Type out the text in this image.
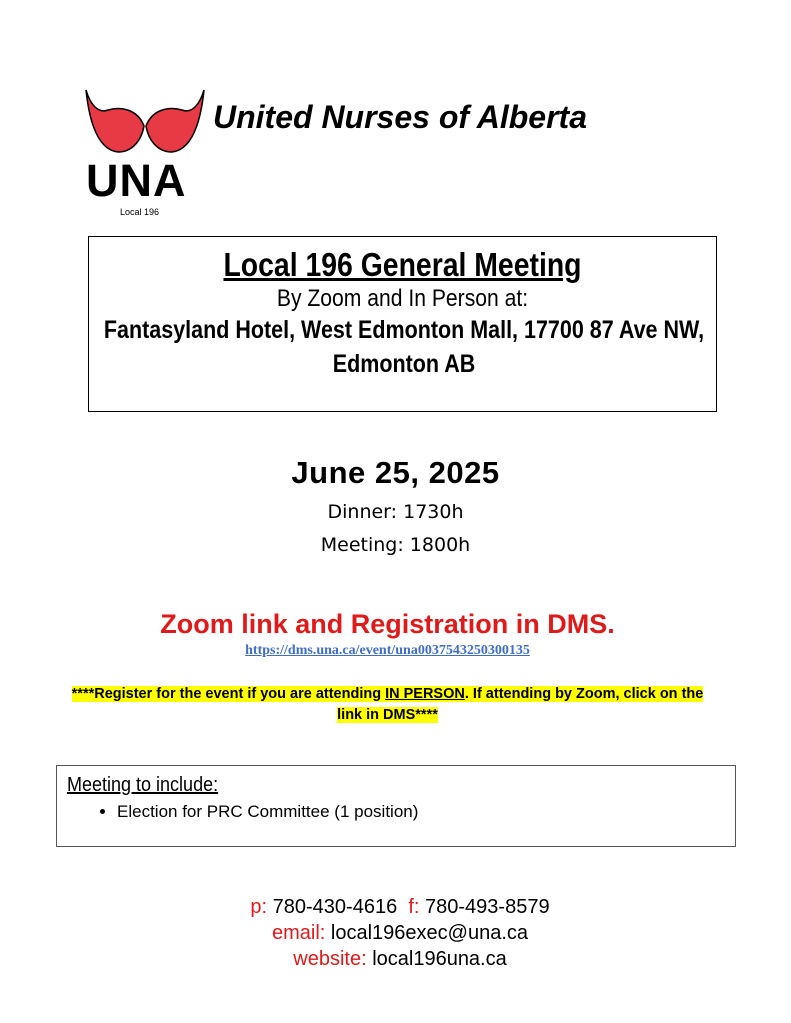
UNA
Local 196
United Nurses of Alberta
Local 196 General Meeting
By Zoom and In Person at:
Fantasyland Hotel, West Edmonton Mall, 17700 87 Ave NW, Edmonton AB
June 25, 2025
Dinner: 1730h
Meeting: 1800h
Zoom link and Registration in DMS.
https://dms.una.ca/event/una0037543250300135
****Register for the event if you are attending IN PERSON. If attending by Zoom, click on the link in DMS****
Meeting to include:
• Election for PRC Committee (1 position)
p: 780-430-4616 f: 780-493-8579
email: local196exec@una.ca
website: local196una.ca
